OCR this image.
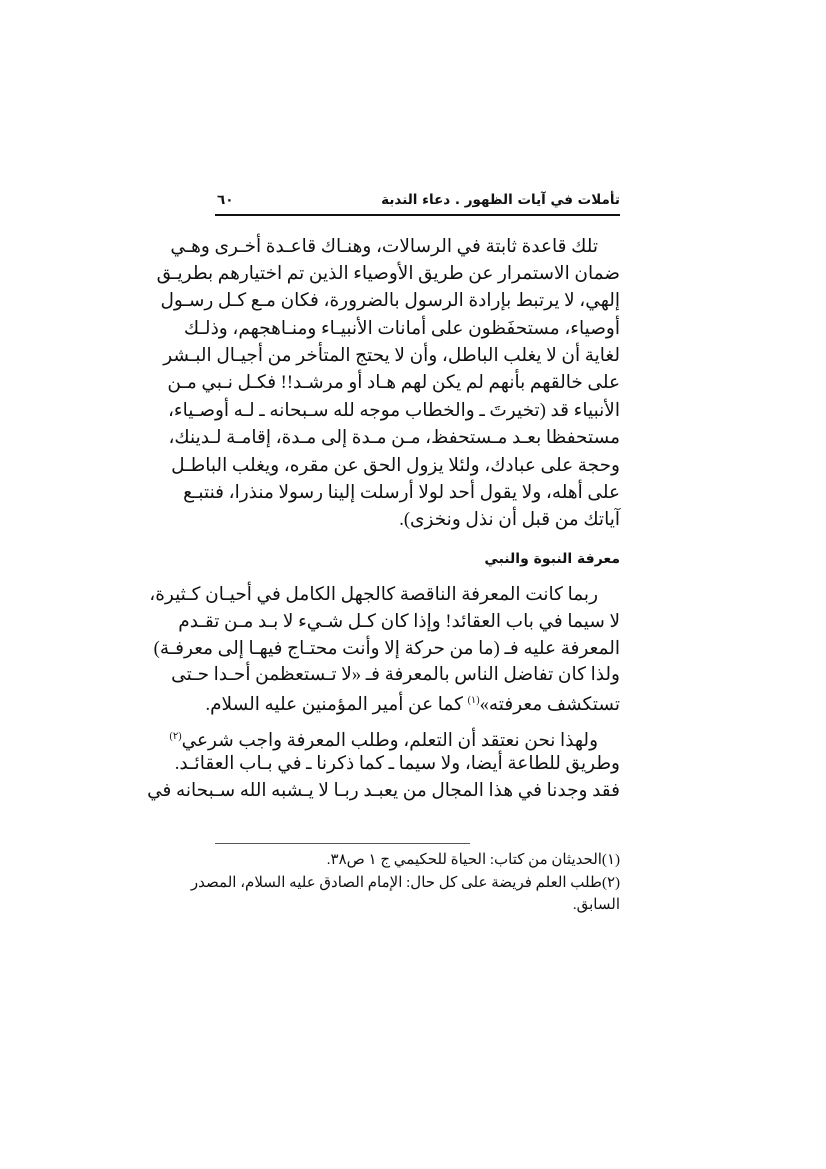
تأملات في آيات الظهور . دعاء الندبة
٦٠
تلك قاعدة ثابتة في الرسالات، وهنـاك قاعـدة أخـرى وهـي
ضمان الاستمرار عن طريق الأوصياء الذين تم اختيارهم بطريـق
إلهي، لا يرتبط بإرادة الرسول بالضرورة، فكان مـع كـل رسـول
أوصياء، مستحفَظون على أمانات الأنبيـاء ومنـاهجهم، وذلـك
لغاية أن لا يغلب الباطل، وأن لا يحتج المتأخر من أجيـال البـشر
على خالقهم بأنهم لم يكن لهم هـاد أو مرشـد!! فكـل نـبي مـن
الأنبياء قد (تخيرتَ ـ والخطاب موجه لله سـبحانه ـ لـه أوصـياء،
مستحفظا بعـد مـستحفظ، مـن مـدة إلى مـدة، إقامـة لـدينك،
وحجة على عبادك، ولئلا يزول الحق عن مقره، ويغلب الباطـل
على أهله، ولا يقول أحد لولا أرسلت إلينا رسولا منذرا، فنتبـع
آياتك من قبل أن نذل ونخزى).
معرفة النبوة والنبي
ربما كانت المعرفة الناقصة كالجهل الكامل في أحيـان كـثيرة،
لا سيما في باب العقائد! وإذا كان كـل شـيء لا بـد مـن تقـدم
المعرفة عليه فـ (ما من حركة إلا وأنت محتـاج فيهـا إلى معرفـة)
ولذا كان تفاضل الناس بالمعرفة فـ «لا تـستعظمن أحـدا حـتى
تستكشف معرفته»$^{(١)}$ كما عن أمير المؤمنين عليه السلام.
ولهذا نحن نعتقد أن التعلم، وطلب المعرفة واجب شرعي$^{(٢)}$
وطريق للطاعة أيضا، ولا سيما ـ كما ذكرنا ـ في بـاب العقائـد.
فقد وجدنا في هذا المجال من يعبـد ربـا لا يـشبه الله سـبحانه في
(١)الحديثان من كتاب: الحياة للحكيمي ج ١ ص٣٨.
(٢)طلب العلم فريضة على كل حال: الإمام الصادق عليه السلام، المصدر
السابق.
